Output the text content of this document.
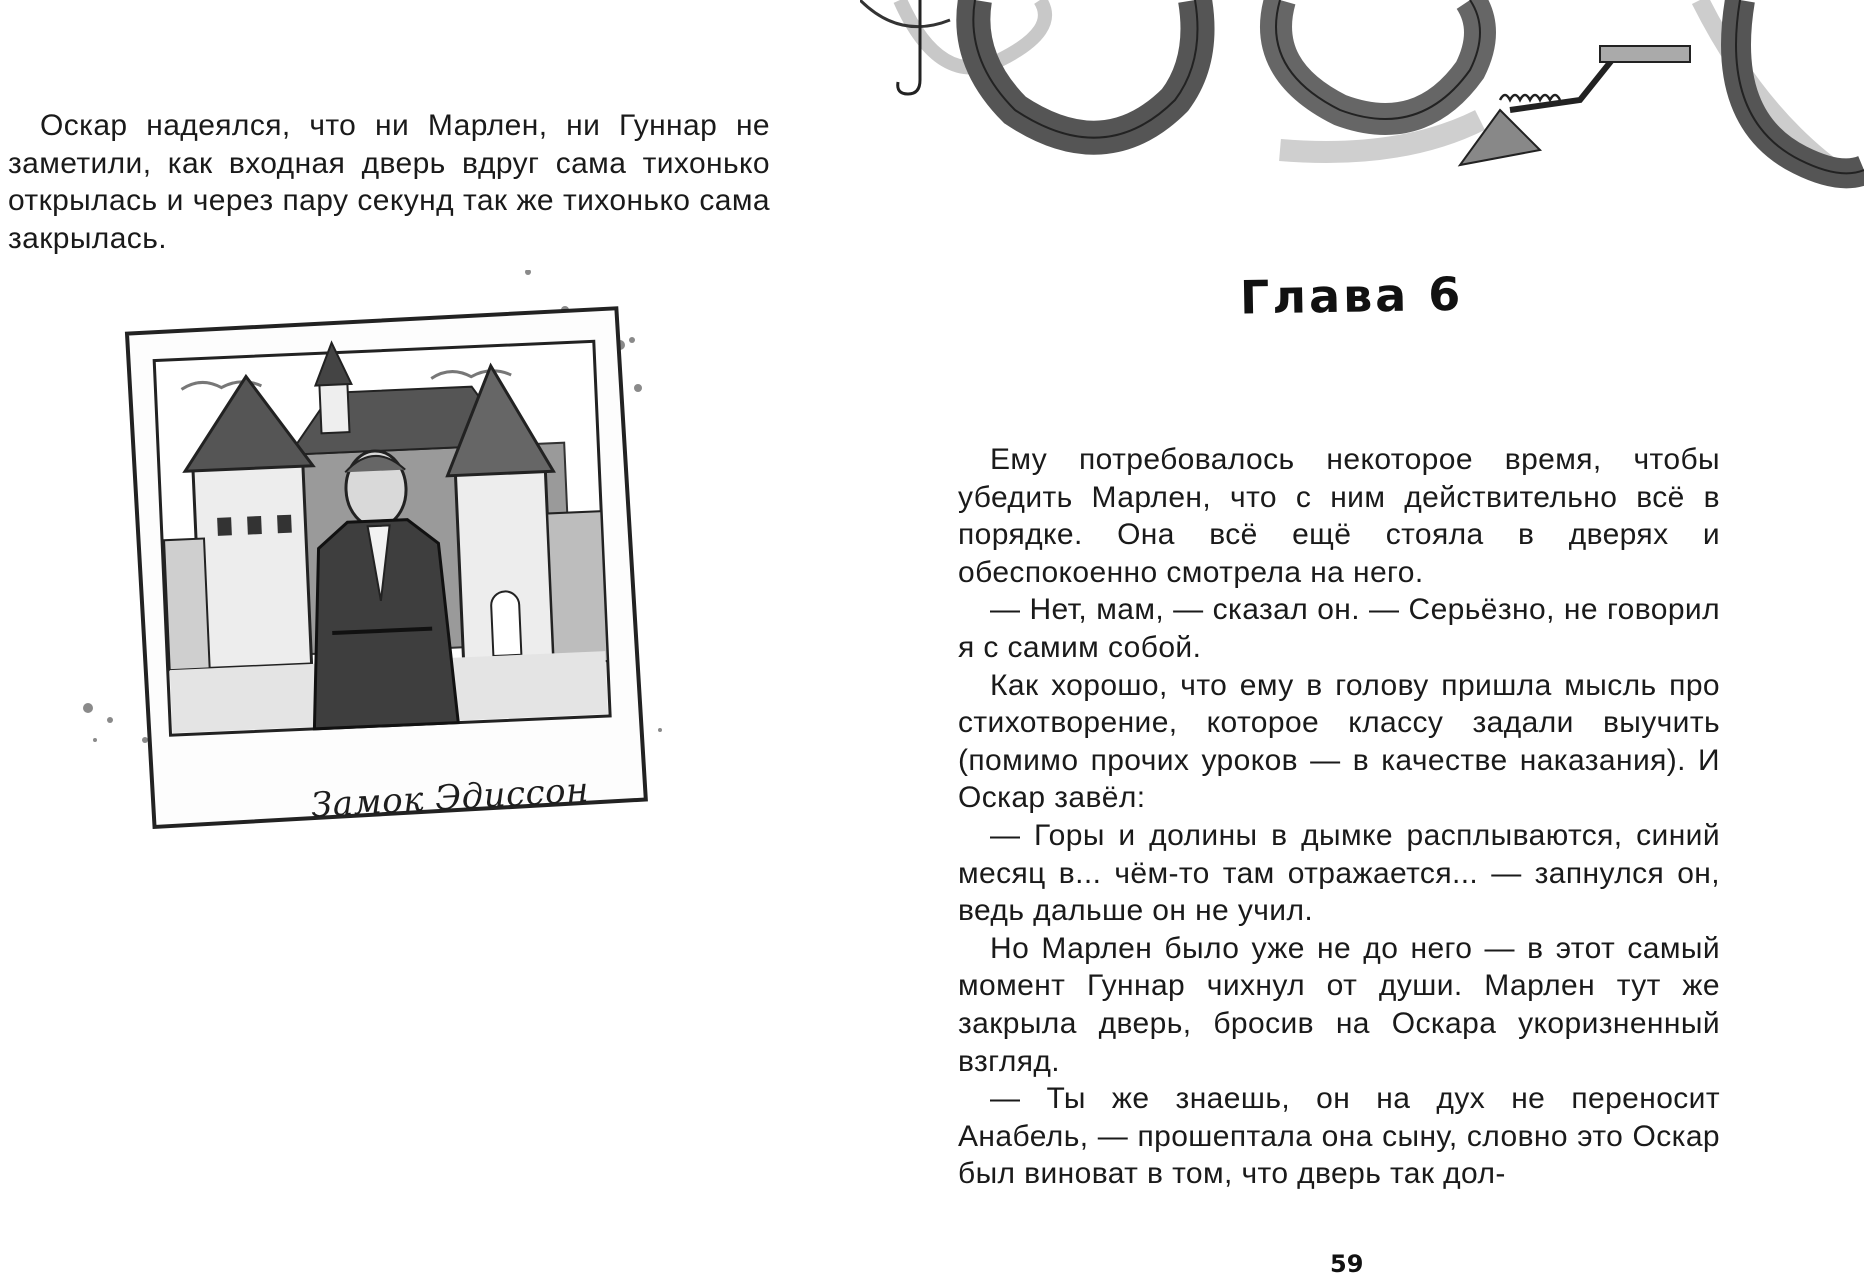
Оскар надеялся, что ни Марлен, ни Гуннар не заметили, как входная дверь вдруг сама тихонько открылась и через пару секунд так же тихонько сама закрылась.

Замок Эдиссон
Глава 6

Ему потребовалось некоторое время, чтобы убедить Марлен, что с ним действительно всё в порядке. Она всё ещё стояла в дверях и обеспокоенно смотрела на него.

— Нет, мам, — сказал он. — Серьёзно, не говорил я с самим собой.

Как хорошо, что ему в голову пришла мысль про стихотворение, которое классу задали выучить (помимо прочих уроков — в качестве наказания). И Оскар завёл:

— Горы и долины в дымке расплываются, синий месяц в... чём-то там отражается... — запнулся он, ведь дальше он не учил.

Но Марлен было уже не до него — в этот самый момент Гуннар чихнул от души. Марлен тут же закрыла дверь, бросив на Оскара укоризненный взгляд.

— Ты же знаешь, он на дух не переносит Анабель, — прошептала она сыну, словно это Оскар был виноват в том, что дверь так дол-

59
